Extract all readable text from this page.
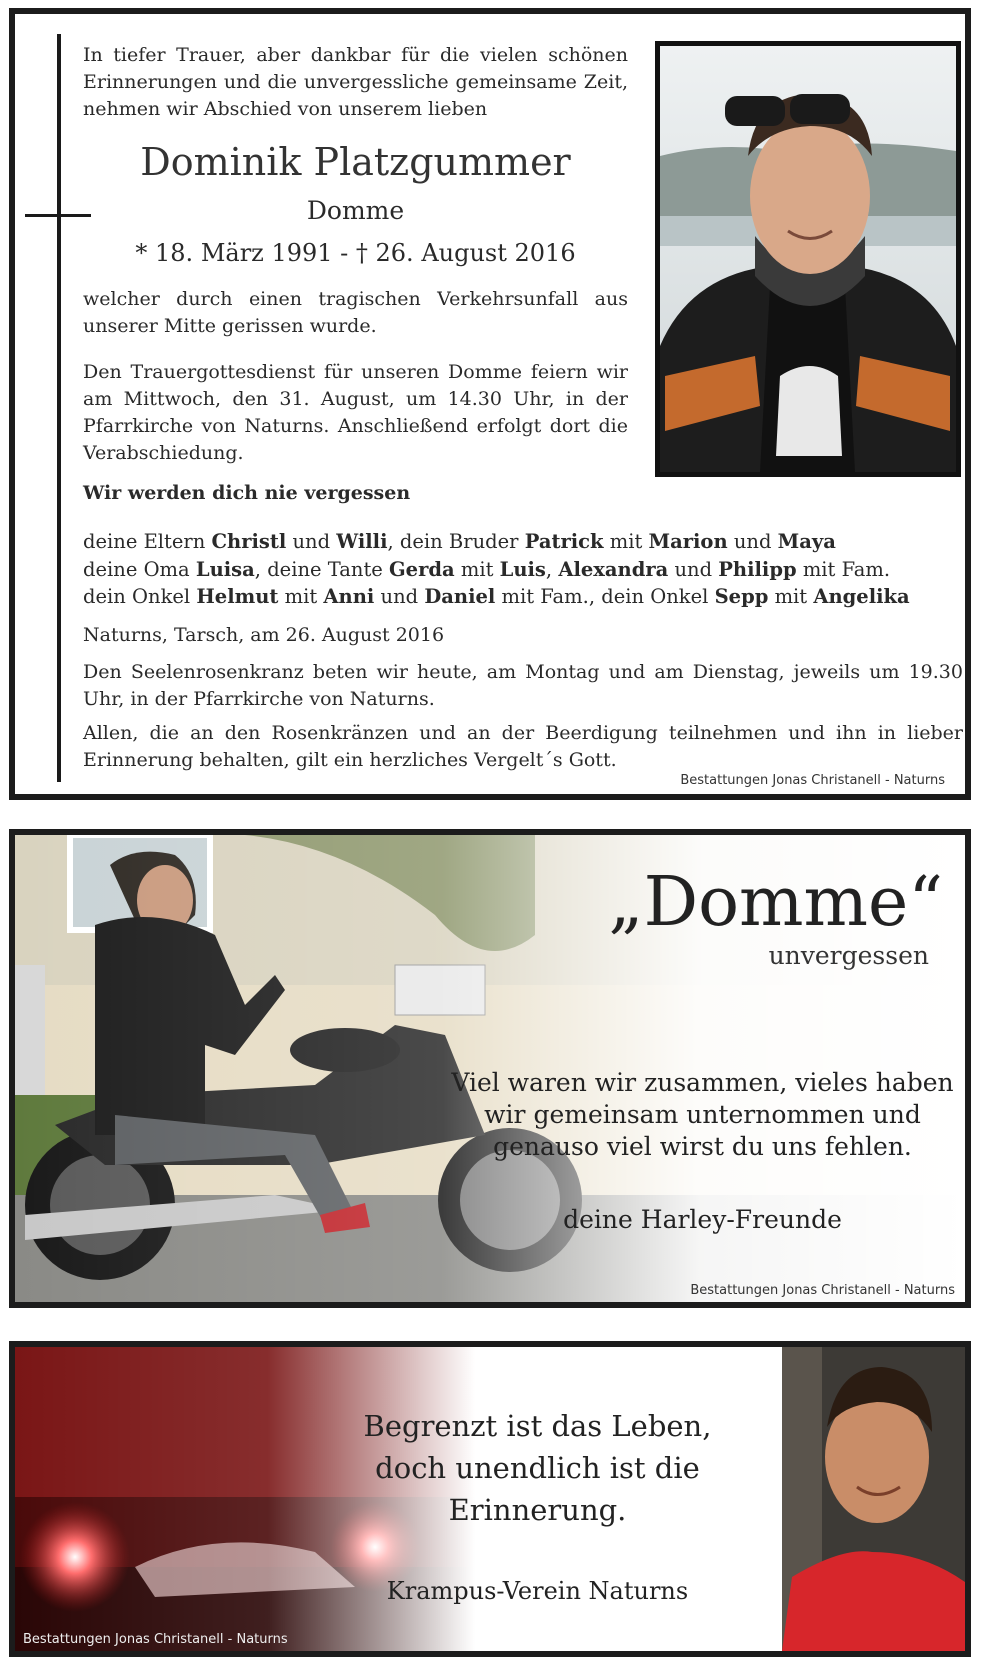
In tiefer Trauer, aber dankbar für die vielen schönen Erinnerungen und die unvergessliche gemeinsame Zeit, nehmen wir Abschied von unserem lieben
Dominik Platzgummer
Domme
* 18. März 1991 - † 26. August 2016
welcher durch einen tragischen Verkehrsunfall aus unserer Mitte gerissen wurde.
Den Trauergottesdienst für unseren Domme feiern wir am Mittwoch, den 31. August, um 14.30 Uhr, in der Pfarrkirche von Naturns. Anschließend erfolgt dort die Verabschiedung.
Wir werden dich nie vergessen
deine Eltern Christl und Willi, dein Bruder Patrick mit Marion und Maya
deine Oma Luisa, deine Tante Gerda mit Luis, Alexandra und Philipp mit Fam.
dein Onkel Helmut mit Anni und Daniel mit Fam., dein Onkel Sepp mit Angelika
Naturns, Tarsch, am 26. August 2016
Den Seelenrosenkranz beten wir heute, am Montag und am Dienstag, jeweils um 19.30 Uhr, in der Pfarrkirche von Naturns.
Allen, die an den Rosenkränzen und an der Beerdigung teilnehmen und ihn in lieber Erinnerung behalten, gilt ein herzliches Vergelt´s Gott.
Bestattungen Jonas Christanell - Naturns
„Domme“
unvergessen
Viel waren wir zusammen, vieles haben
wir gemeinsam unternommen und
genauso viel wirst du uns fehlen.
deine Harley-Freunde
Bestattungen Jonas Christanell - Naturns
Begrenzt ist das Leben,
doch unendlich ist die
Erinnerung.
Krampus-Verein Naturns
Bestattungen Jonas Christanell - Naturns
